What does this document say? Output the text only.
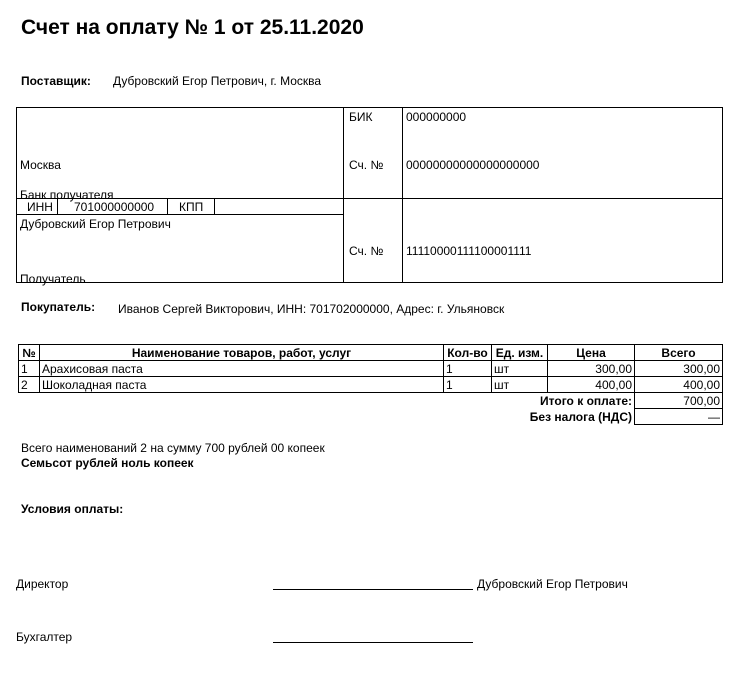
Счет на оплату № 1 от 25.11.2020
Поставщик: Дубровский Егор Петрович, г. Москва
Москва
Банк получателя
БИК	000000000
Сч. № 00000000000000000000
ИНН 701000000000 КПП
Дубровский Егор Петрович
Получатель
Сч. № 11110000111100001111
Покупатель: Иванов Сергей Викторович, ИНН: 701702000000, Адрес: г. Ульяновск
№	Наименование товаров, работ, услуг	Кол-во	Ед. изм.	Цена	Всего
1	Арахисовая паста	1	шт	300,00	300,00
2	Шоколадная паста	1	шт	400,00	400,00
	Итого к оплате:				700,00
	Без налога (НДС)				—
Всего наименований 2 на сумму 700 рублей 00 копеек
Семьсот рублей ноль копеек
Условия оплаты:
Директор	Дубровский Егор Петрович
Бухгалтер
